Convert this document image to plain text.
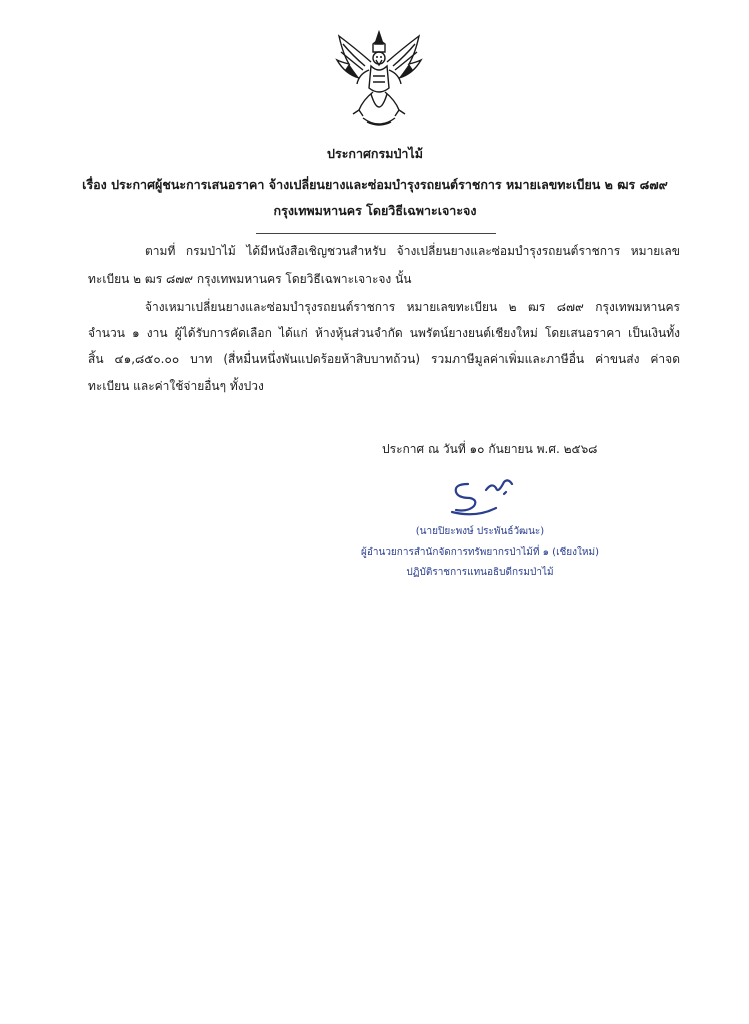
ประกาศกรมป่าไม้
เรื่อง ประกาศผู้ชนะการเสนอราคา จ้างเปลี่ยนยางและซ่อมบำรุงรถยนต์ราชการ หมายเลขทะเบียน ๒ ฒร ๘๗๙
กรุงเทพมหานคร โดยวิธีเฉพาะเจาะจง
ตามที่ กรมป่าไม้ ได้มีหนังสือเชิญชวนสำหรับ จ้างเปลี่ยนยางและซ่อมบำรุงรถยนต์ราชการ หมายเลข
ทะเบียน ๒ ฒร ๘๗๙ กรุงเทพมหานคร โดยวิธีเฉพาะเจาะจง นั้น
จ้างเหมาเปลี่ยนยางและซ่อมบำรุงรถยนต์ราชการ หมายเลขทะเบียน ๒ ฒร ๘๗๙ กรุงเทพมหานคร
จำนวน ๑ งาน ผู้ได้รับการคัดเลือก ได้แก่ ห้างหุ้นส่วนจำกัด นพรัตน์ยางยนต์เชียงใหม่ โดยเสนอราคา เป็นเงินทั้ง
สิ้น ๔๑,๘๕๐.๐๐ บาท (สี่หมื่นหนึ่งพันแปดร้อยห้าสิบบาทถ้วน) รวมภาษีมูลค่าเพิ่มและภาษีอื่น ค่าขนส่ง ค่าจด
ทะเบียน และค่าใช้จ่ายอื่นๆ ทั้งปวง
ประกาศ ณ วันที่ ๑๐ กันยายน พ.ศ. ๒๕๖๘
(นายปิยะพงษ์ ประพันธ์วัฒนะ)
ผู้อำนวยการสำนักจัดการทรัพยากรป่าไม้ที่ ๑ (เชียงใหม่)
ปฏิบัติราชการแทนอธิบดีกรมป่าไม้
